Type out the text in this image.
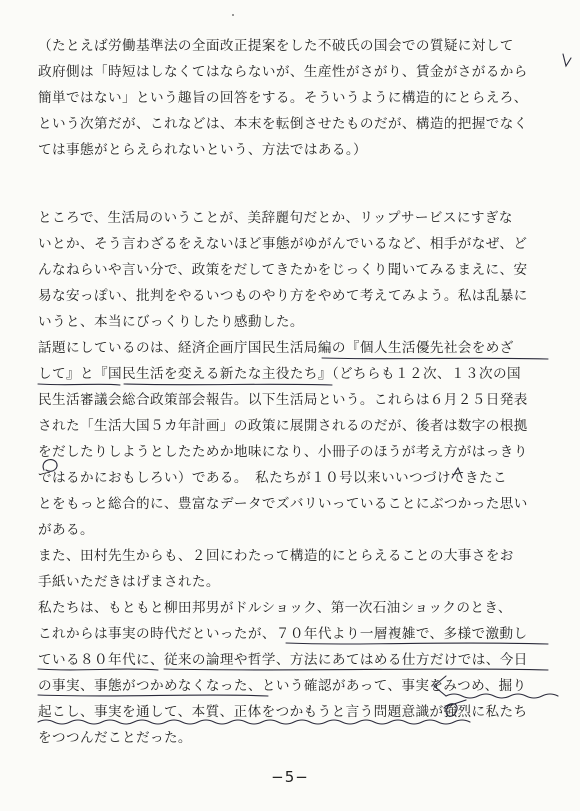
（たとえば労働基準法の全面改正提案をした不破氏の国会での質疑に対して
政府側は「時短はしなくてはならないが、生産性がさがり、賃金がさがるから
簡単ではない」という趣旨の回答をする。そういうように構造的にとらえろ、
という次第だが、これなどは、本末を転倒させたものだが、構造的把握でなく
ては事態がとらえられないという、方法ではある。）
ところで、生活局のいうことが、美辞麗句だとか、リップサービスにすぎな
いとか、そう言わざるをえないほど事態がゆがんでいるなど、相手がなぜ、ど
んなねらいや言い分で、政策をだしてきたかをじっくり聞いてみるまえに、安
易な安っぽい、批判をやるいつものやり方をやめて考えてみよう。私は乱暴に
いうと、本当にびっくりしたり感動した。
話題にしているのは、経済企画庁国民生活局編の『個人生活優先社会をめざ
して』と『国民生活を変える新たな主役たち』（どちらも１２次、１３次の国
民生活審議会総合政策部会報告。以下生活局という。これらは６月２５日発表
された「生活大国５カ年計画」の政策に展開されるのだが、後者は数字の根拠
をだしたりしようとしたためか地味になり、小冊子のほうが考え方がはっきり
ではるかにおもしろい）である。　私たちが１０号以来いいつづけてきたこ
とをもっと総合的に、豊富なデータでズバリいっていることにぶつかった思い
がある。
また、田村先生からも、２回にわたって構造的にとらえることの大事さをお
手紙いただきはげまされた。
私たちは、もともと柳田邦男がドルショック、第一次石油ショックのとき、
これからは事実の時代だといったが、７０年代より一層複雑で、多様で激動し
ている８０年代に、従来の論理や哲学、方法にあてはめる仕方だけでは、今日
の事実、事態がつかめなくなった、という確認があって、事実をみつめ、掘り
起こし、事実を通して、本質、正体をつかもうと言う問題意識が強烈に私たち
をつつんだことだった。
−5−
